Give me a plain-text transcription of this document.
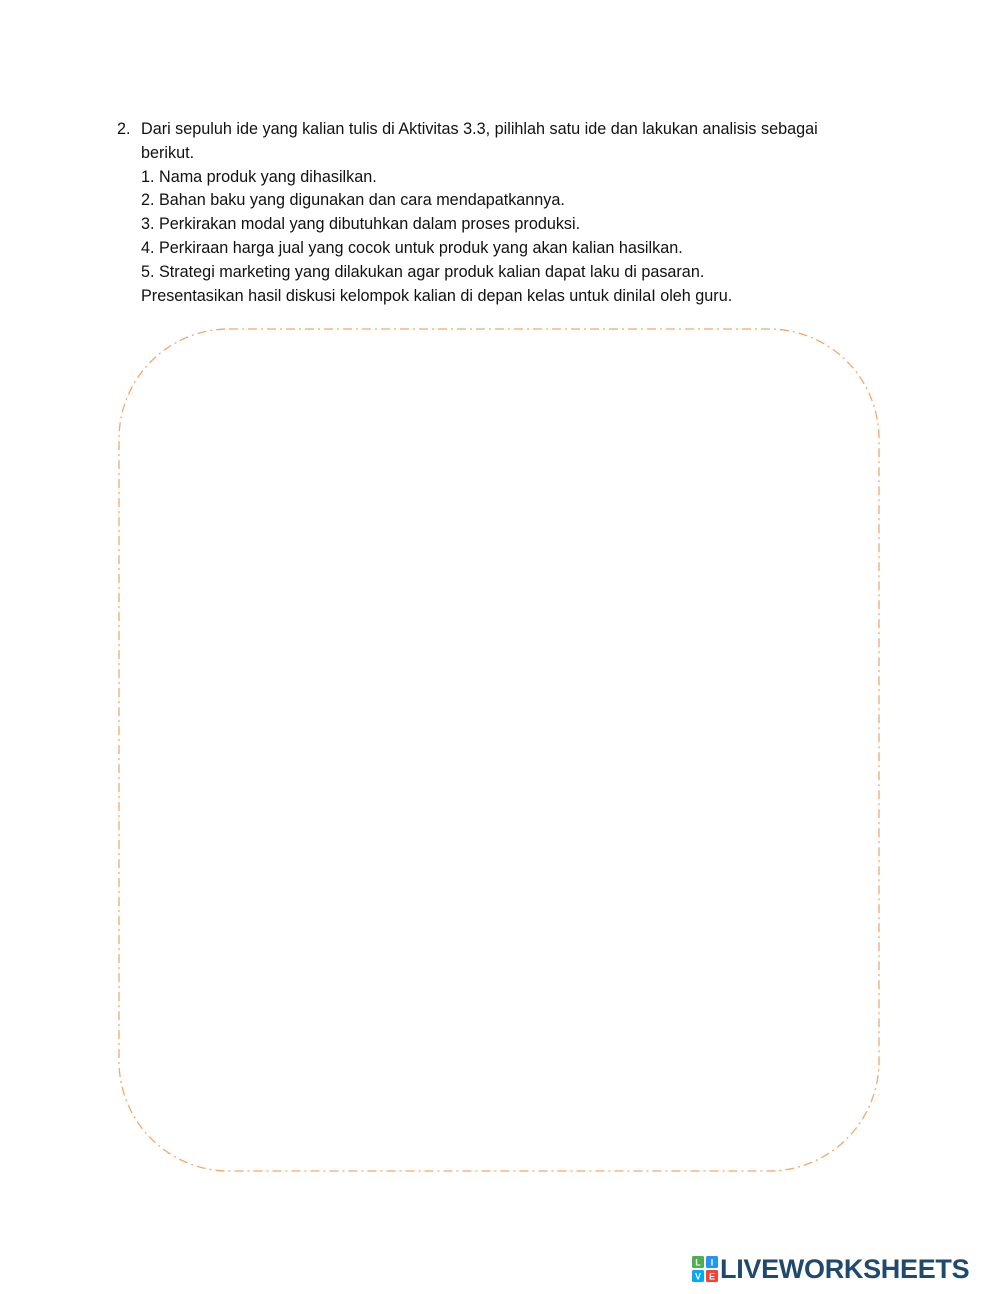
2. Dari sepuluh ide yang kalian tulis di Aktivitas 3.3, pilihlah satu ide dan lakukan analisis sebagai
berikut.
1. Nama produk yang dihasilkan.
2. Bahan baku yang digunakan dan cara mendapatkannya.
3. Perkirakan modal yang dibutuhkan dalam proses produksi.
4. Perkiraan harga jual yang cocok untuk produk yang akan kalian hasilkan.
5. Strategi marketing yang dilakukan agar produk kalian dapat laku di pasaran.
Presentasikan hasil diskusi kelompok kalian di depan kelas untuk dinilaI oleh guru.
L I
V E LIVEWORKSHEETS
